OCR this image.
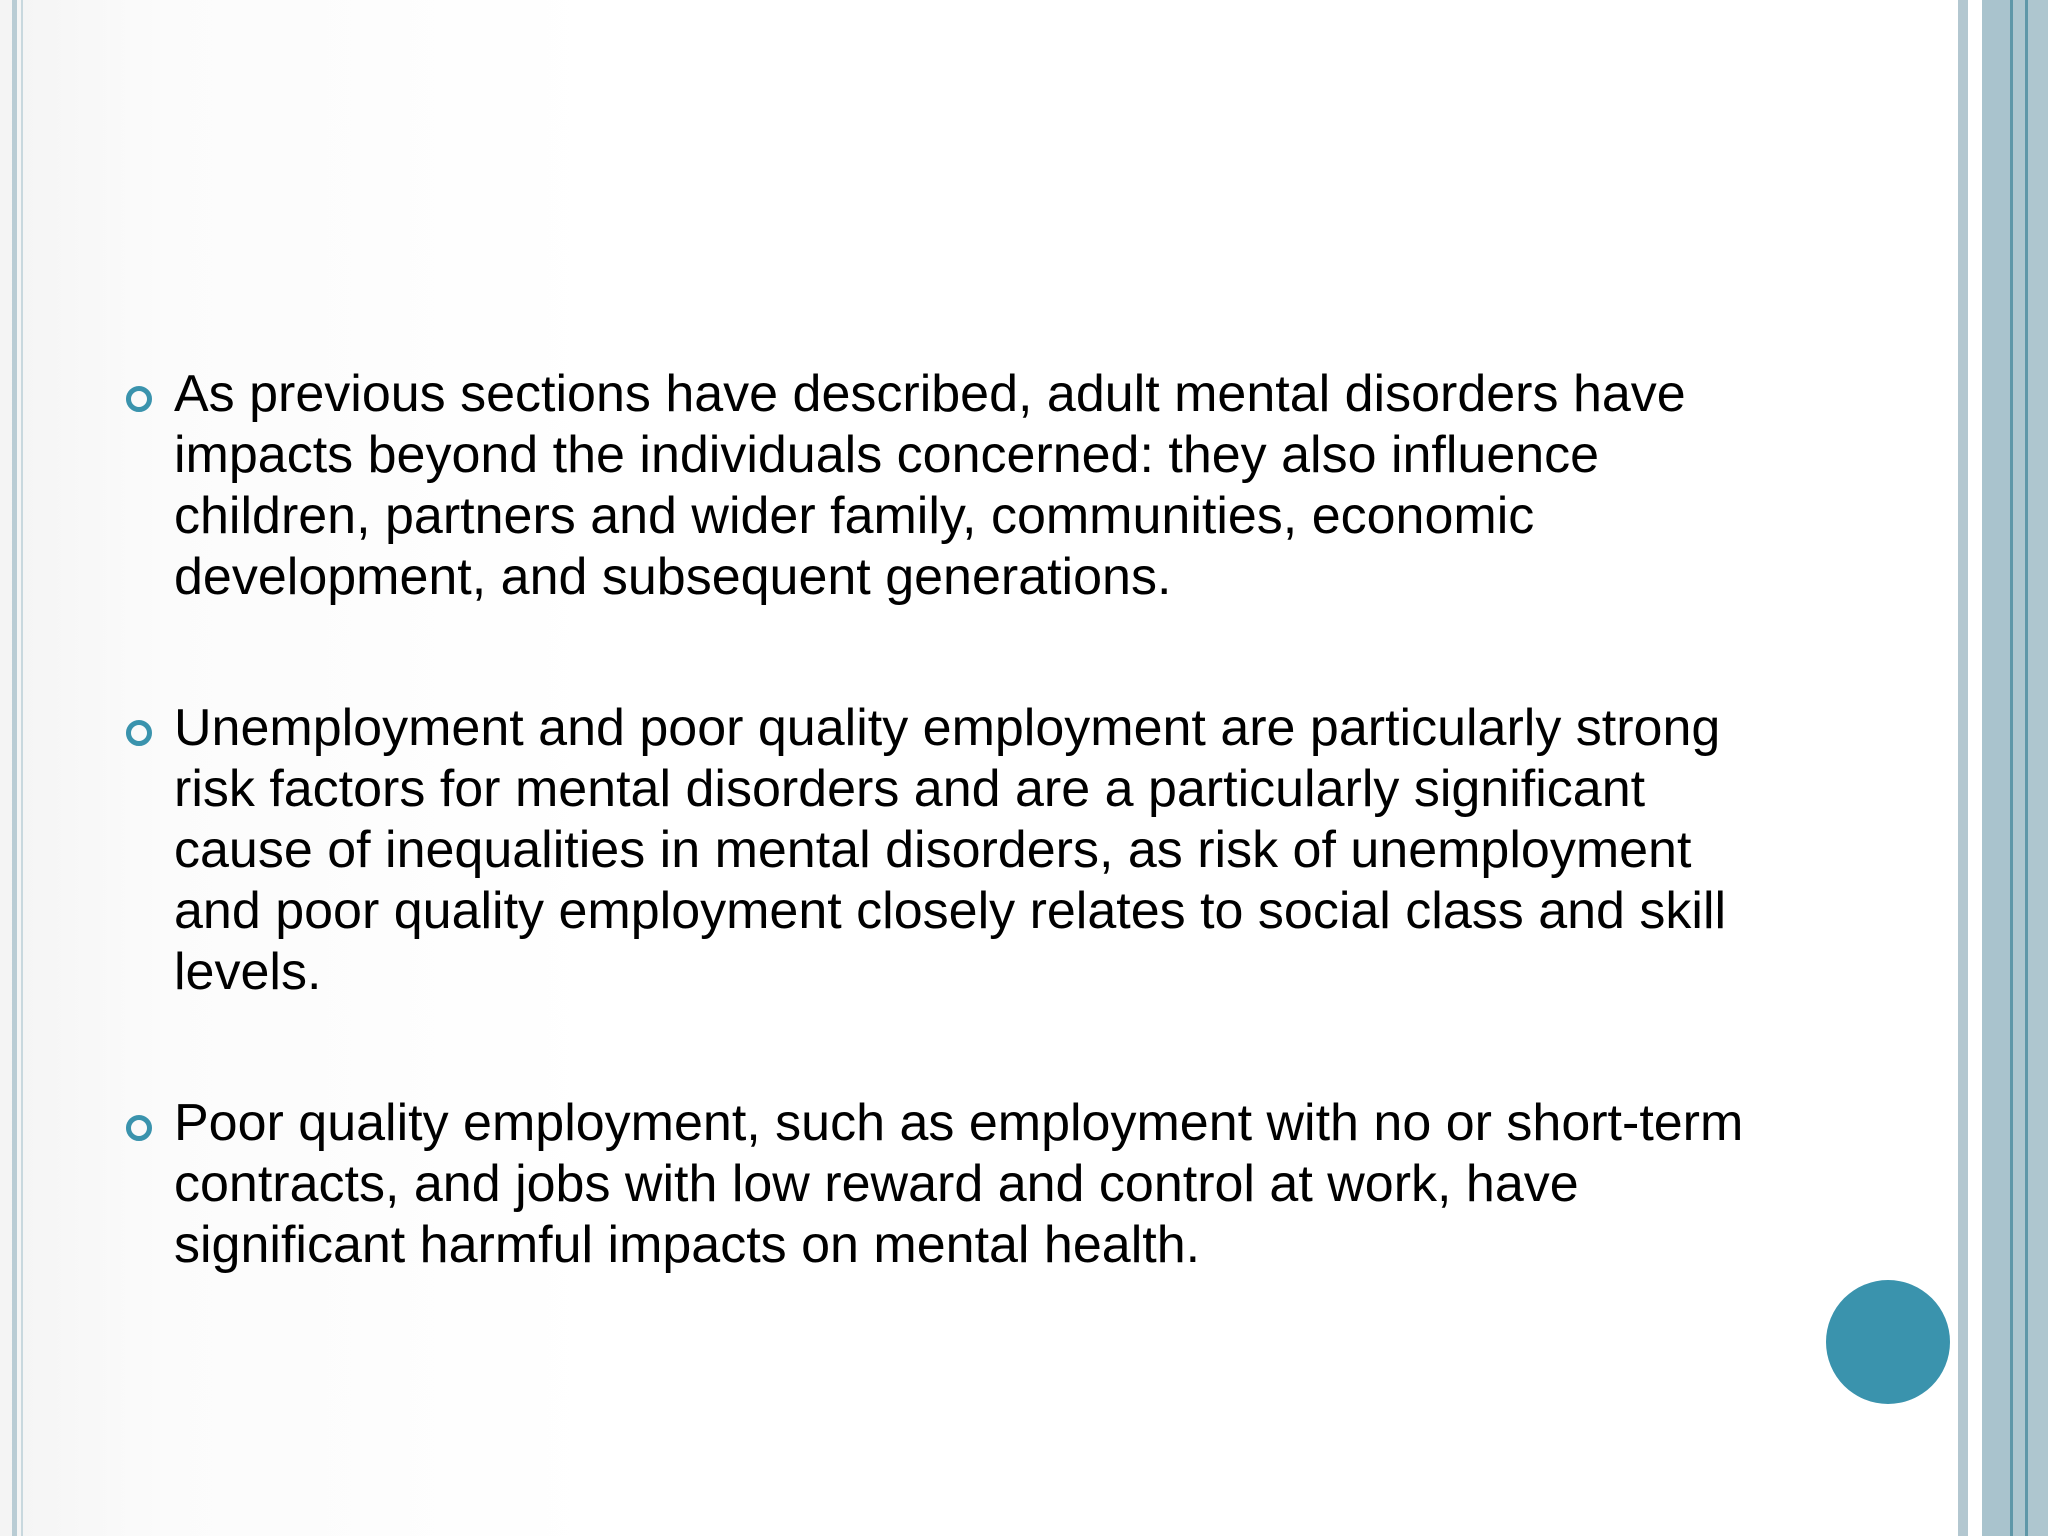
As previous sections have described, adult mental disorders have impacts beyond the individuals concerned: they also influence children, partners and wider family, communities, economic development, and subsequent generations.
Unemployment and poor quality employment are particularly strong risk factors for mental disorders and are a particularly significant cause of inequalities in mental disorders, as risk of unemployment and poor quality employment closely relates to social class and skill levels.
Poor quality employment, such as employment with no or short-term contracts, and jobs with low reward and control at work, have significant harmful impacts on mental health.
